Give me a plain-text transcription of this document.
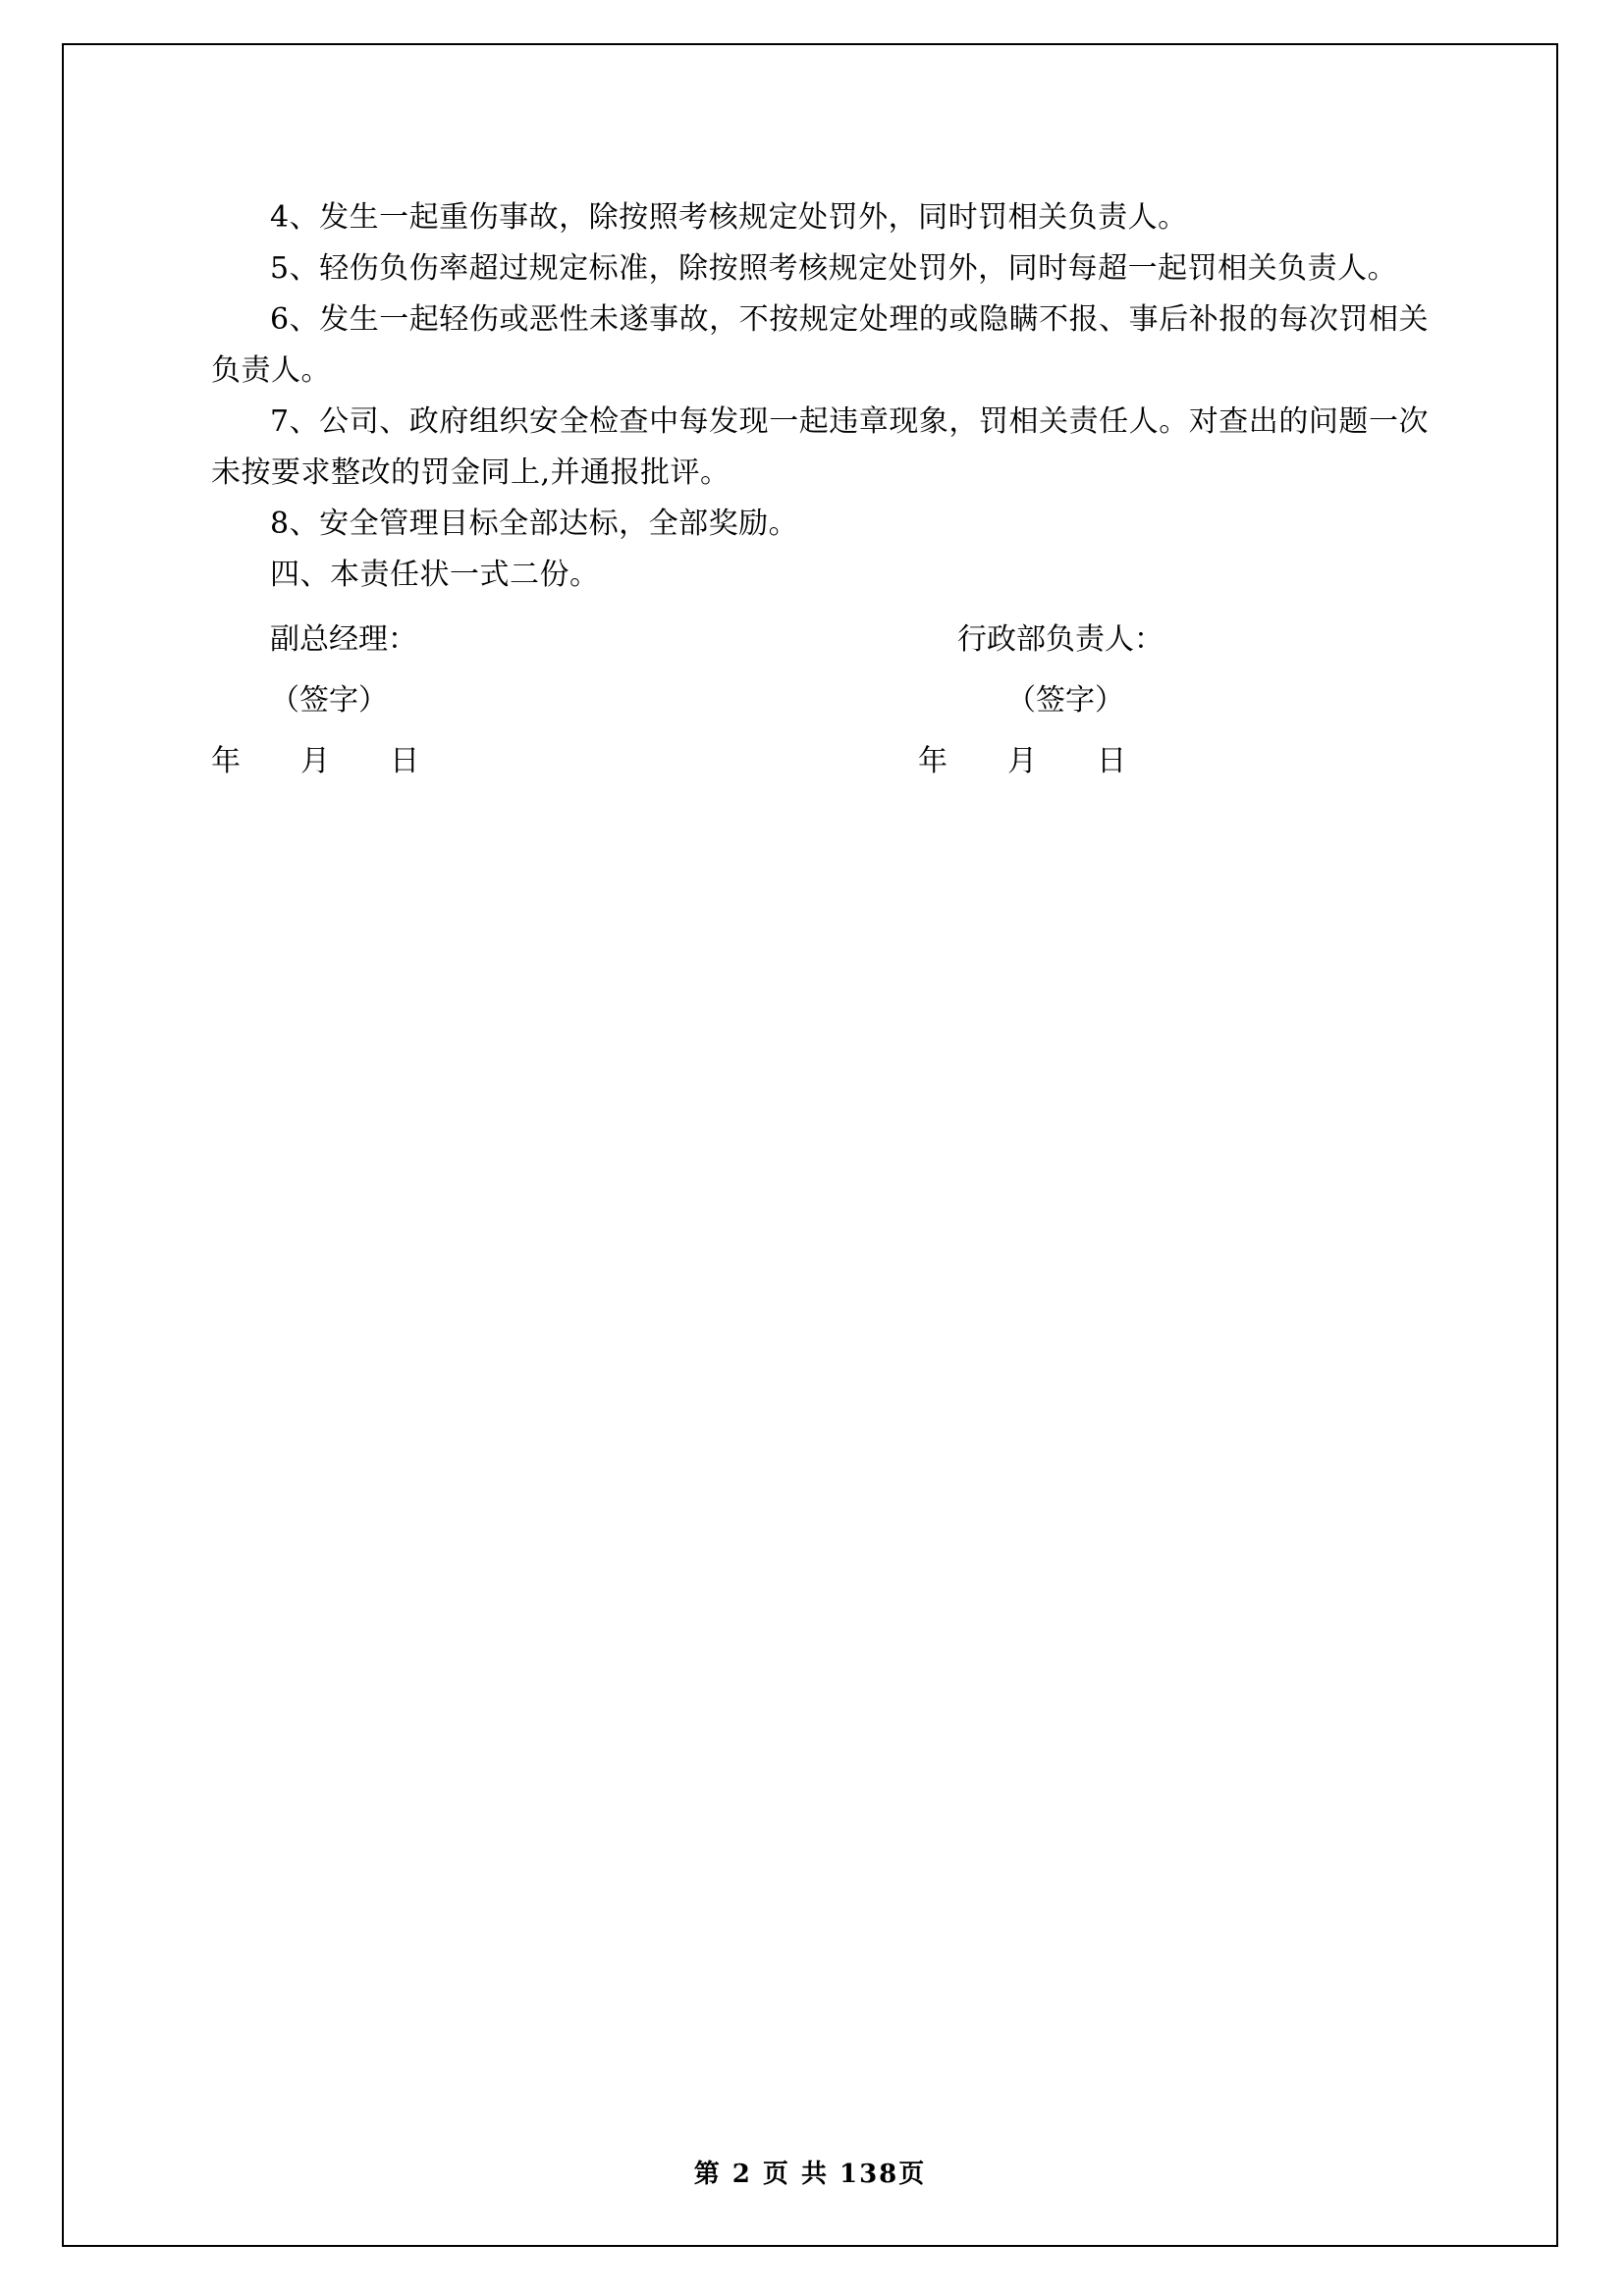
4、发生一起重伤事故，除按照考核规定处罚外，同时罚相关负责人。

5、轻伤负伤率超过规定标准，除按照考核规定处罚外，同时每超一起罚相关负责人。

6、发生一起轻伤或恶性未遂事故，不按规定处理的或隐瞒不报、事后补报的每次罚相关负责人。

7、公司、政府组织安全检查中每发现一起违章现象，罚相关责任人。对查出的问题一次未按要求整改的罚金同上,并通报批评。

8、安全管理目标全部达标，全部奖励。

四、本责任状一式二份。

副总经理：	行政部负责人：
（签字）	（签字）
年  月  日	年  月  日
第 2 页 共 138页
